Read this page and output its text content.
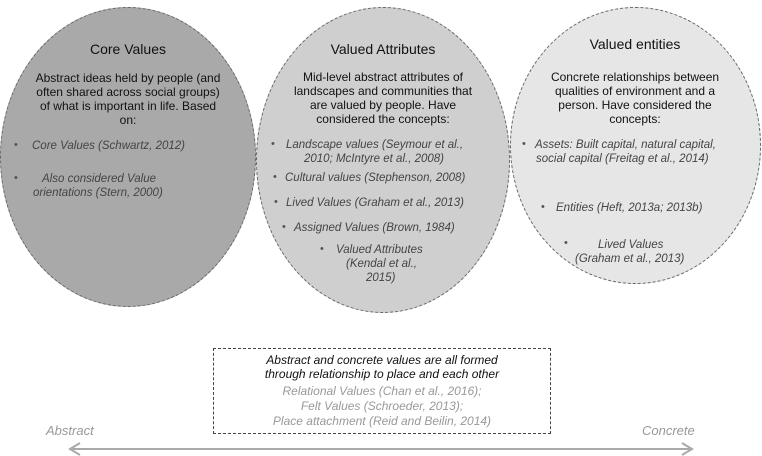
Core Values
Abstract ideas held by people (and
often shared across social groups)
of what is important in life. Based
on:
• Core Values (Schwartz, 2012)
• Also considered Value
orientations (Stern, 2000)
Valued Attributes
Mid-level abstract attributes of
landscapes and communities that
are valued by people. Have
considered the concepts:
• Landscape values (Seymour et al.,
2010; McIntyre et al., 2008)
• Cultural values (Stephenson, 2008)
• Lived Values (Graham et al., 2013)
• Assigned Values (Brown, 1984)
• Valued Attributes
(Kendal et al.,
2015)
Valued entities
Concrete relationships between
qualities of environment and a
person. Have considered the
concepts:
• Assets: Built capital, natural capital,
social capital (Freitag et al., 2014)
• Entities (Heft, 2013a; 2013b)
•	Lived Values
(Graham et al., 2013)
Abstract and concrete values are all formed
through relationship to place and each other
Relational Values (Chan et al., 2016);
Felt Values (Schroeder, 2013);
Place attachment (Reid and Beilin, 2014)
Abstract	Concrete
